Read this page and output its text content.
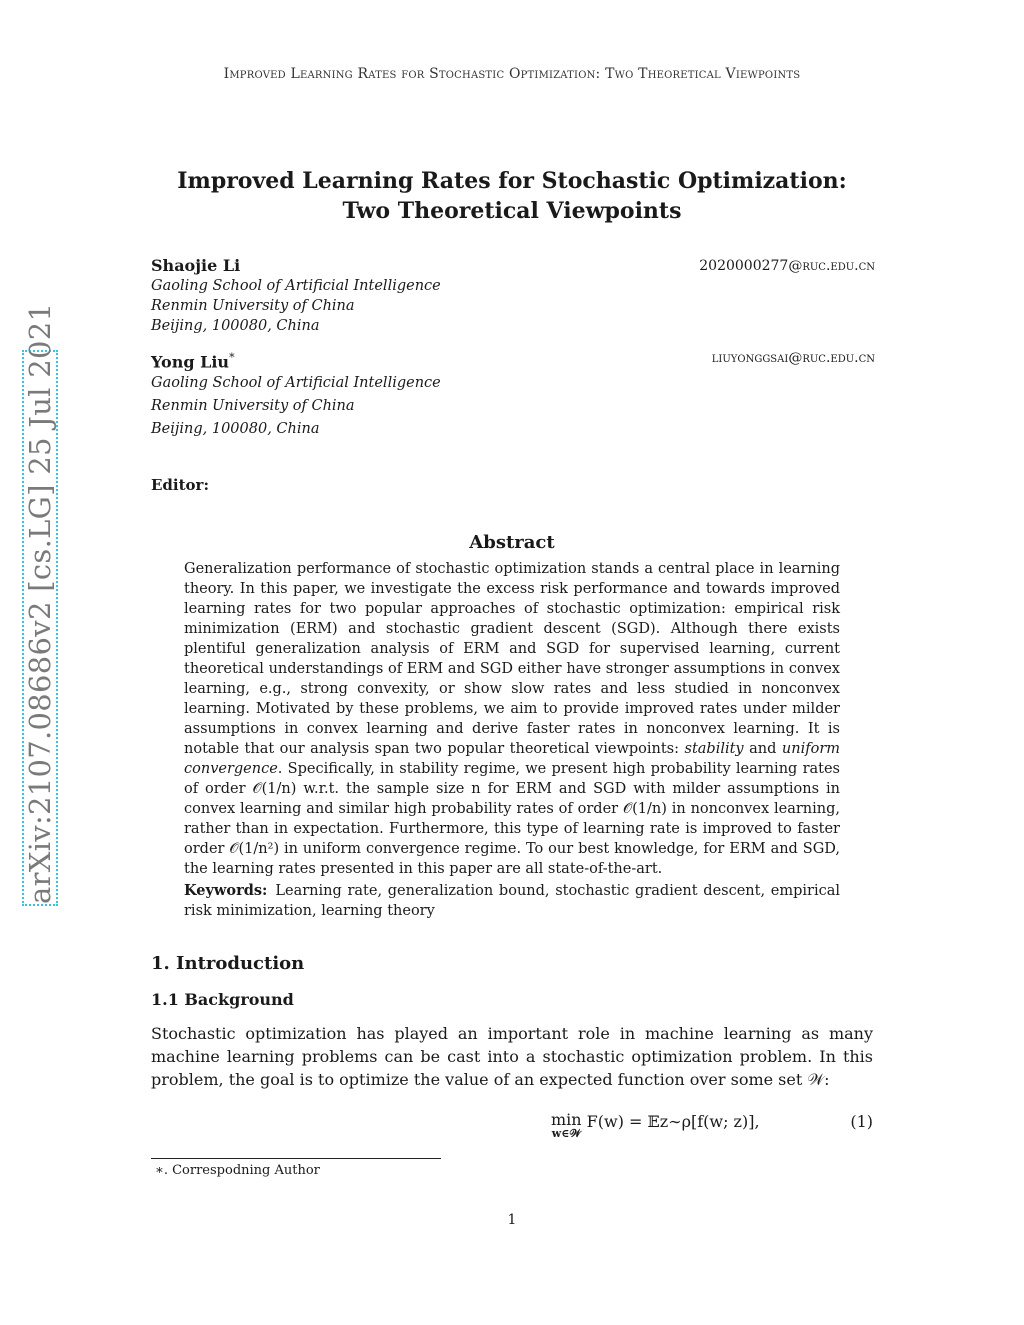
Improved Learning Rates for Stochastic Optimization: Two Theoretical Viewpoints
arXiv:2107.08686v2 [cs.LG] 25 Jul 2021
Improved Learning Rates for Stochastic Optimization: Two Theoretical Viewpoints
Shaojie Li	2020000277@ruc.edu.cn
Gaoling School of Artificial Intelligence
Renmin University of China
Beijing, 100080, China
Yong Liu*	liuyonggsai@ruc.edu.cn
Gaoling School of Artificial Intelligence
Renmin University of China
Beijing, 100080, China
Editor:
Abstract
Generalization performance of stochastic optimization stands a central place in learning theory. In this paper, we investigate the excess risk performance and towards improved learning rates for two popular approaches of stochastic optimization: empirical risk minimization (ERM) and stochastic gradient descent (SGD). Although there exists plentiful generalization analysis of ERM and SGD for supervised learning, current theoretical understandings of ERM and SGD either have stronger assumptions in convex learning, e.g., strong convexity, or show slow rates and less studied in nonconvex learning. Motivated by these problems, we aim to provide improved rates under milder assumptions in convex learning and derive faster rates in nonconvex learning. It is notable that our analysis span two popular theoretical viewpoints: stability and uniform convergence. Specifically, in stability regime, we present high probability learning rates of order 𝒪(1/n) w.r.t. the sample size n for ERM and SGD with milder assumptions in convex learning and similar high probability rates of order 𝒪(1/n) in nonconvex learning, rather than in expectation. Furthermore, this type of learning rate is improved to faster order 𝒪(1/n²) in uniform convergence regime. To our best knowledge, for ERM and SGD, the learning rates presented in this paper are all state-of-the-art.
Keywords: Learning rate, generalization bound, stochastic gradient descent, empirical risk minimization, learning theory
1. Introduction
1.1 Background
Stochastic optimization has played an important role in machine learning as many machine learning problems can be cast into a stochastic optimization problem. In this problem, the goal is to optimize the value of an expected function over some set 𝒲:
min
w∈𝒲
F(w) = 𝔼z∼ρ[f(w; z)],	(1)
∗. Correspodning Author
1
